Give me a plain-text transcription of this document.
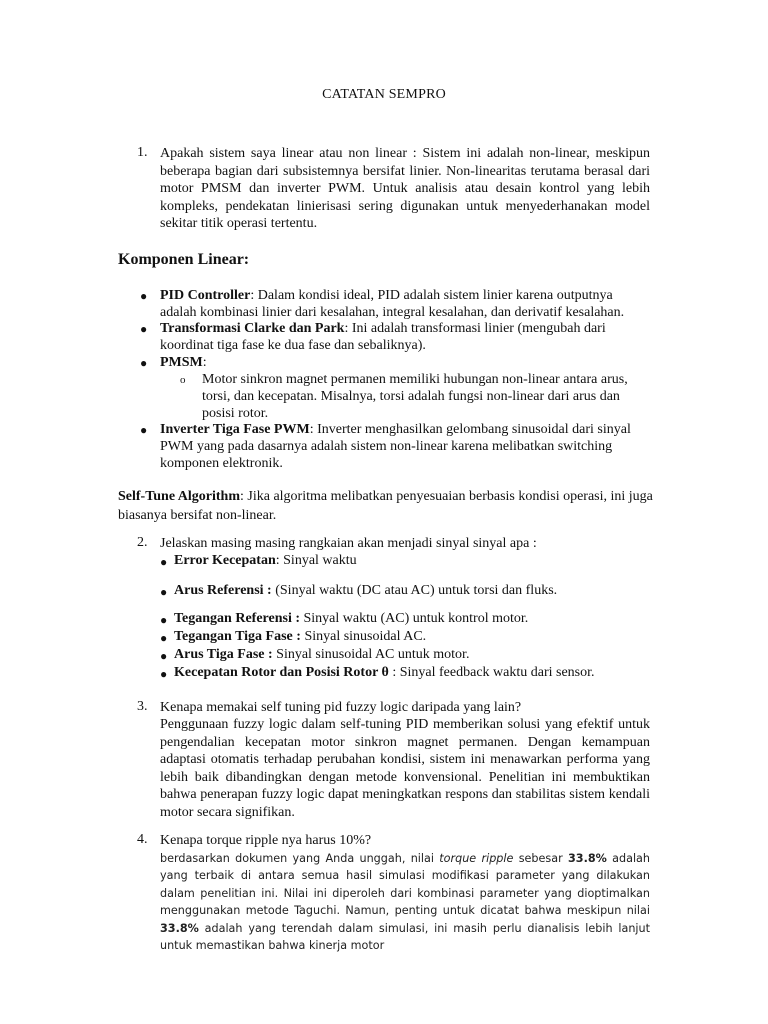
CATATAN SEMPRO
1. Apakah sistem saya linear atau non linear : Sistem ini adalah non-linear, meskipun beberapa bagian dari subsistemnya bersifat linier. Non-linearitas terutama berasal dari motor PMSM dan inverter PWM. Untuk analisis atau desain kontrol yang lebih kompleks, pendekatan linierisasi sering digunakan untuk menyederhanakan model sekitar titik operasi tertentu.
Komponen Linear:
● PID Controller: Dalam kondisi ideal, PID adalah sistem linier karena outputnya adalah kombinasi linier dari kesalahan, integral kesalahan, dan derivatif kesalahan.
● Transformasi Clarke dan Park: Ini adalah transformasi linier (mengubah dari koordinat tiga fase ke dua fase dan sebaliknya).
● PMSM:
o Motor sinkron magnet permanen memiliki hubungan non-linear antara arus, torsi, dan kecepatan. Misalnya, torsi adalah fungsi non-linear dari arus dan posisi rotor.
● Inverter Tiga Fase PWM: Inverter menghasilkan gelombang sinusoidal dari sinyal PWM yang pada dasarnya adalah sistem non-linear karena melibatkan switching komponen elektronik.
Self-Tune Algorithm: Jika algoritma melibatkan penyesuaian berbasis kondisi operasi, ini juga biasanya bersifat non-linear.
2. Jelaskan masing masing rangkaian akan menjadi sinyal sinyal apa :
● Error Kecepatan: Sinyal waktu
● Arus Referensi : (Sinyal waktu (DC atau AC) untuk torsi dan fluks.
● Tegangan Referensi : Sinyal waktu (AC) untuk kontrol motor.
● Tegangan Tiga Fase : Sinyal sinusoidal AC.
● Arus Tiga Fase : Sinyal sinusoidal AC untuk motor.
● Kecepatan Rotor dan Posisi Rotor θ : Sinyal feedback waktu dari sensor.
3. Kenapa memakai self tuning pid fuzzy logic daripada yang lain?
Penggunaan fuzzy logic dalam self-tuning PID memberikan solusi yang efektif untuk pengendalian kecepatan motor sinkron magnet permanen. Dengan kemampuan adaptasi otomatis terhadap perubahan kondisi, sistem ini menawarkan performa yang lebih baik dibandingkan dengan metode konvensional. Penelitian ini membuktikan bahwa penerapan fuzzy logic dapat meningkatkan respons dan stabilitas sistem kendali motor secara signifikan.
4. Kenapa torque ripple nya harus 10%?
berdasarkan dokumen yang Anda unggah, nilai torque ripple sebesar 33.8% adalah yang terbaik di antara semua hasil simulasi modifikasi parameter yang dilakukan dalam penelitian ini. Nilai ini diperoleh dari kombinasi parameter yang dioptimalkan menggunakan metode Taguchi. Namun, penting untuk dicatat bahwa meskipun nilai 33.8% adalah yang terendah dalam simulasi, ini masih perlu dianalisis lebih lanjut untuk memastikan bahwa kinerja motor
